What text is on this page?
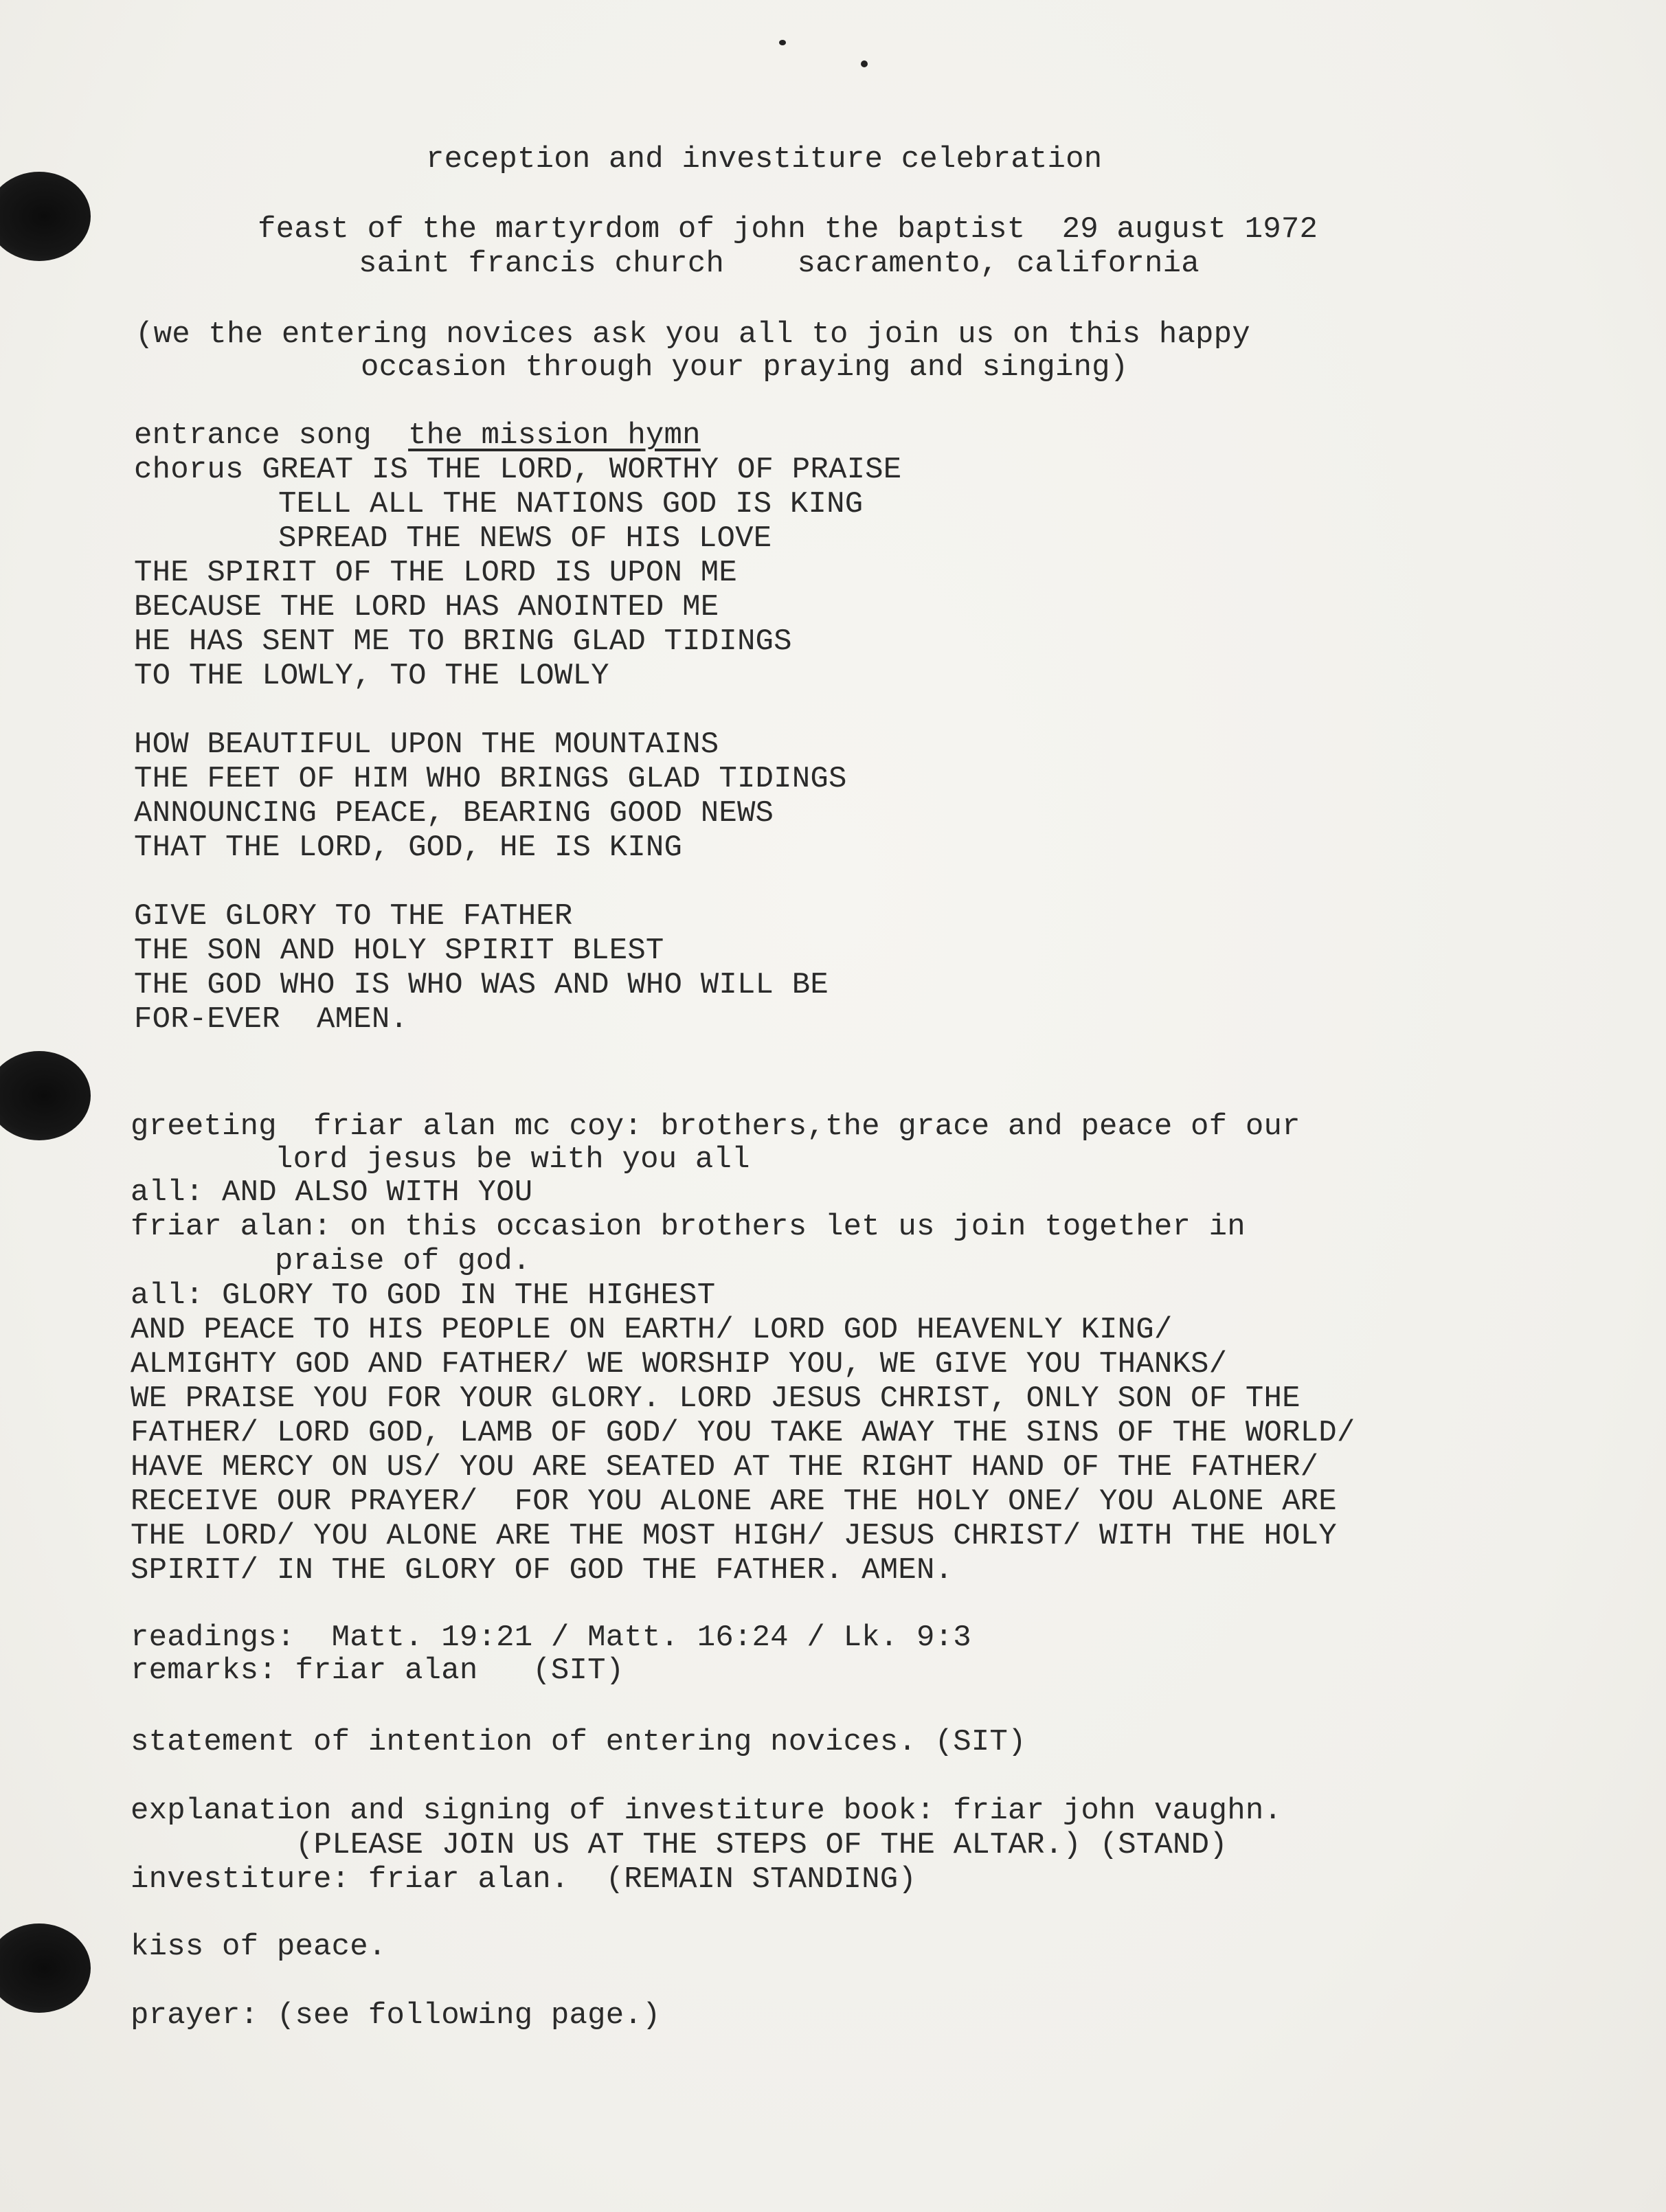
reception and investiture celebration
feast of the martyrdom of john the baptist  29 august 1972
saint francis church    sacramento, california
(we the entering novices ask you all to join us on this happy
occasion through your praying and singing)
entrance song  the mission hymn
chorus GREAT IS THE LORD, WORTHY OF PRAISE
TELL ALL THE NATIONS GOD IS KING
SPREAD THE NEWS OF HIS LOVE
THE SPIRIT OF THE LORD IS UPON ME
BECAUSE THE LORD HAS ANOINTED ME
HE HAS SENT ME TO BRING GLAD TIDINGS
TO THE LOWLY, TO THE LOWLY
HOW BEAUTIFUL UPON THE MOUNTAINS
THE FEET OF HIM WHO BRINGS GLAD TIDINGS
ANNOUNCING PEACE, BEARING GOOD NEWS
THAT THE LORD, GOD, HE IS KING
GIVE GLORY TO THE FATHER
THE SON AND HOLY SPIRIT BLEST
THE GOD WHO IS WHO WAS AND WHO WILL BE
FOR-EVER  AMEN.
greeting  friar alan mc coy: brothers,the grace and peace of our
lord jesus be with you all
all: AND ALSO WITH YOU
friar alan: on this occasion brothers let us join together in
praise of god.
all: GLORY TO GOD IN THE HIGHEST
AND PEACE TO HIS PEOPLE ON EARTH/ LORD GOD HEAVENLY KING/
ALMIGHTY GOD AND FATHER/ WE WORSHIP YOU, WE GIVE YOU THANKS/
WE PRAISE YOU FOR YOUR GLORY. LORD JESUS CHRIST, ONLY SON OF THE
FATHER/ LORD GOD, LAMB OF GOD/ YOU TAKE AWAY THE SINS OF THE WORLD/
HAVE MERCY ON US/ YOU ARE SEATED AT THE RIGHT HAND OF THE FATHER/
RECEIVE OUR PRAYER/  FOR YOU ALONE ARE THE HOLY ONE/ YOU ALONE ARE
THE LORD/ YOU ALONE ARE THE MOST HIGH/ JESUS CHRIST/ WITH THE HOLY
SPIRIT/ IN THE GLORY OF GOD THE FATHER. AMEN.
readings:  Matt. 19:21 / Matt. 16:24 / Lk. 9:3
remarks: friar alan   (SIT)
statement of intention of entering novices. (SIT)
explanation and signing of investiture book: friar john vaughn.
(PLEASE JOIN US AT THE STEPS OF THE ALTAR.) (STAND)
investiture: friar alan.  (REMAIN STANDING)
kiss of peace.
prayer: (see following page.)
